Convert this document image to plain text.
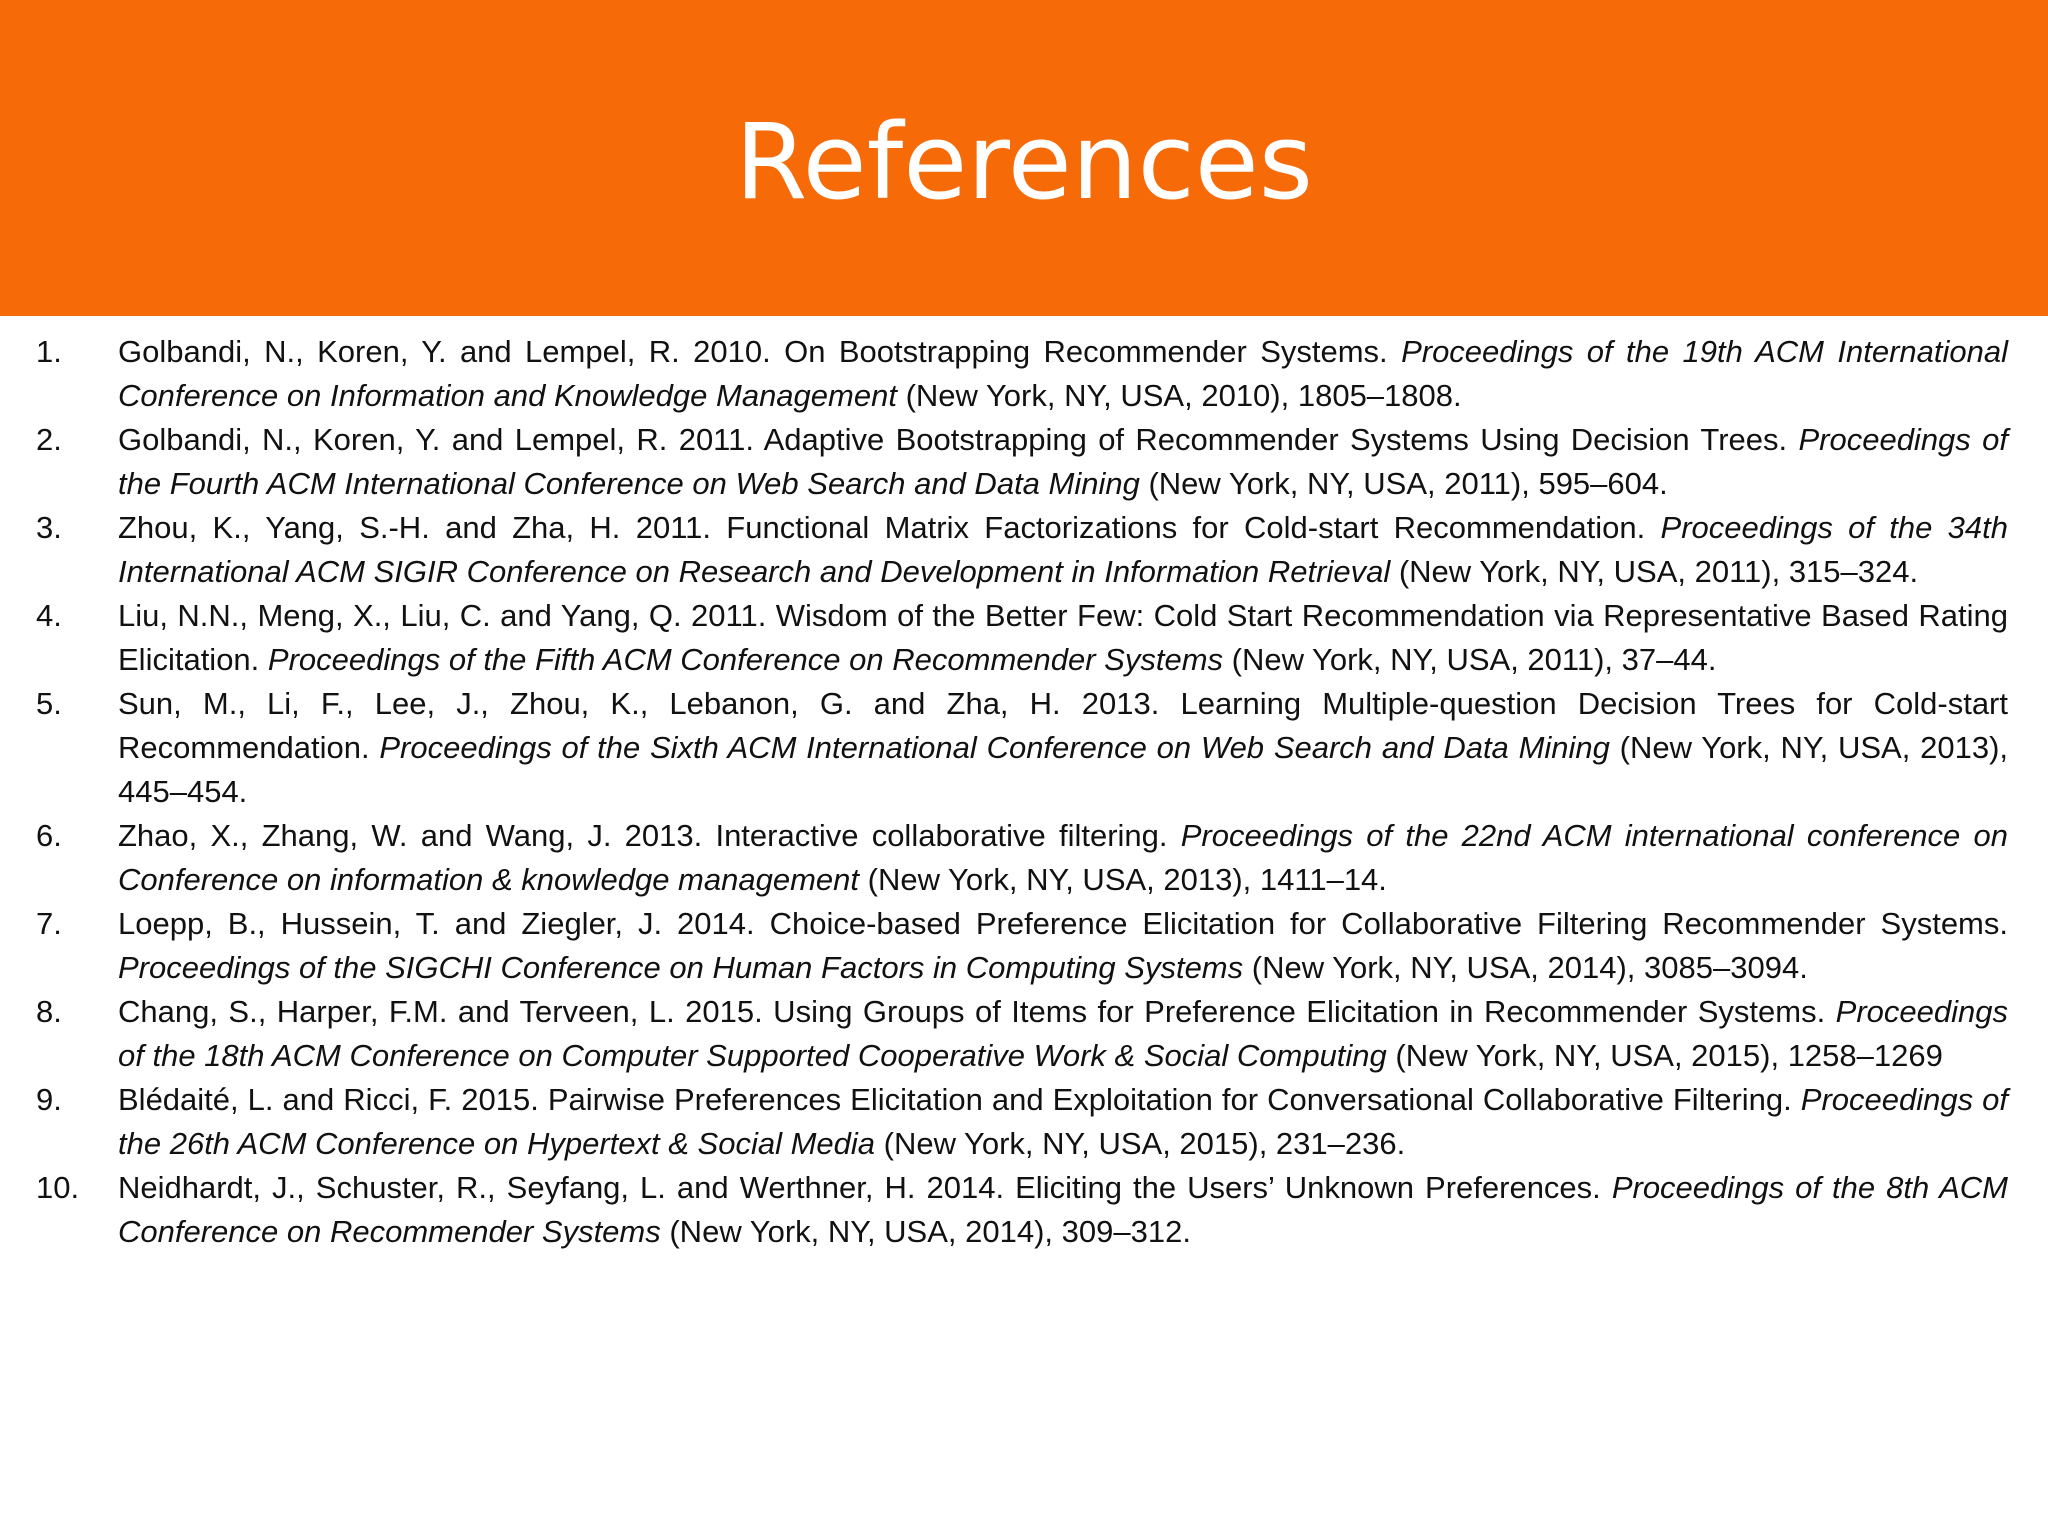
References
1.	Golbandi, N., Koren, Y. and Lempel, R. 2010. On Bootstrapping Recommender Systems. Proceedings of the 19th ACM International Conference on Information and Knowledge Management (New York, NY, USA, 2010), 1805–1808.
2.	Golbandi, N., Koren, Y. and Lempel, R. 2011. Adaptive Bootstrapping of Recommender Systems Using Decision Trees. Proceedings of the Fourth ACM International Conference on Web Search and Data Mining (New York, NY, USA, 2011), 595–604.
3.	Zhou, K., Yang, S.-H. and Zha, H. 2011. Functional Matrix Factorizations for Cold-start Recommendation. Proceedings of the 34th International ACM SIGIR Conference on Research and Development in Information Retrieval (New York, NY, USA, 2011), 315–324.
4.	Liu, N.N., Meng, X., Liu, C. and Yang, Q. 2011. Wisdom of the Better Few: Cold Start Recommendation via Representative Based Rating Elicitation. Proceedings of the Fifth ACM Conference on Recommender Systems (New York, NY, USA, 2011), 37–44.
5.	Sun, M., Li, F., Lee, J., Zhou, K., Lebanon, G. and Zha, H. 2013. Learning Multiple-question Decision Trees for Cold-start Recommendation. Proceedings of the Sixth ACM International Conference on Web Search and Data Mining (New York, NY, USA, 2013), 445–454.
6.	Zhao, X., Zhang, W. and Wang, J. 2013. Interactive collaborative filtering. Proceedings of the 22nd ACM international conference on Conference on information & knowledge management (New York, NY, USA, 2013), 1411–14.
7.	Loepp, B., Hussein, T. and Ziegler, J. 2014. Choice-based Preference Elicitation for Collaborative Filtering Recommender Systems. Proceedings of the SIGCHI Conference on Human Factors in Computing Systems (New York, NY, USA, 2014), 3085–3094.
8.	Chang, S., Harper, F.M. and Terveen, L. 2015. Using Groups of Items for Preference Elicitation in Recommender Systems. Proceedings of the 18th ACM Conference on Computer Supported Cooperative Work & Social Computing (New York, NY, USA, 2015), 1258–1269
9.	Blédaité, L. and Ricci, F. 2015. Pairwise Preferences Elicitation and Exploitation for Conversational Collaborative Filtering. Proceedings of the 26th ACM Conference on Hypertext & Social Media (New York, NY, USA, 2015), 231–236.
10.	Neidhardt, J., Schuster, R., Seyfang, L. and Werthner, H. 2014. Eliciting the Users’ Unknown Preferences. Proceedings of the 8th ACM Conference on Recommender Systems (New York, NY, USA, 2014), 309–312.
